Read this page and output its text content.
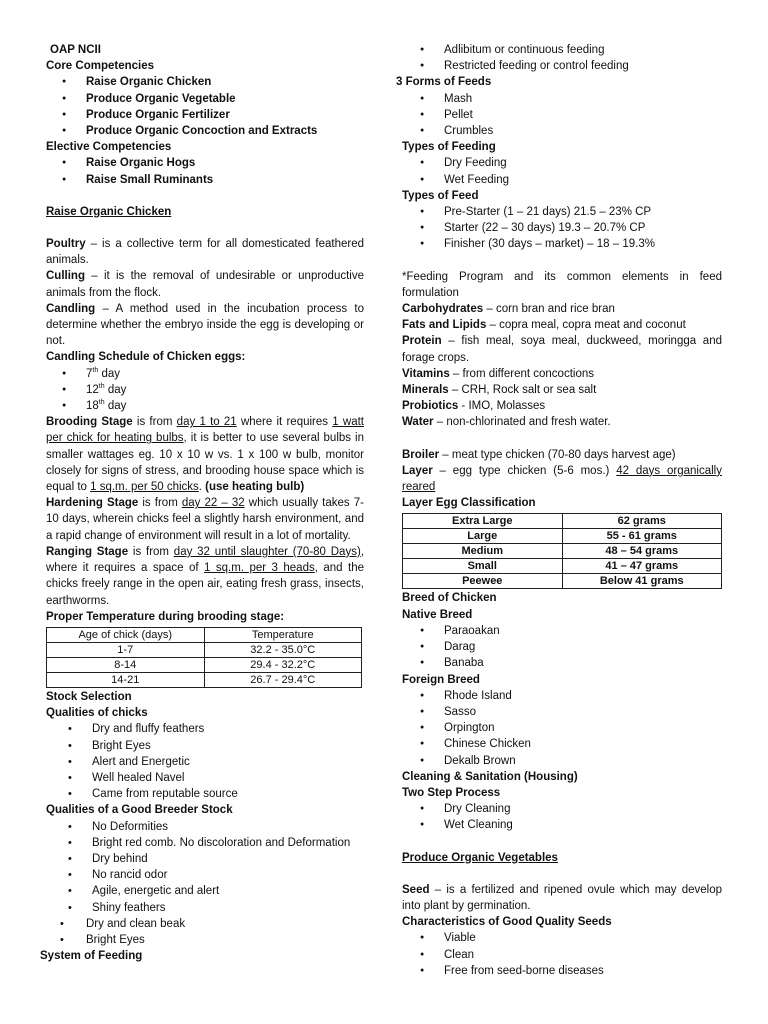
OAP NCII
Core Competencies
● Raise Organic Chicken
● Produce Organic Vegetable
● Produce Organic Fertilizer
● Produce Organic Concoction and Extracts
Elective Competencies
● Raise Organic Hogs
● Raise Small Ruminants
Raise Organic Chicken
Poultry – is a collective term for all domesticated feathered animals.
Culling – it is the removal of undesirable or unproductive animals from the flock.
Candling – A method used in the incubation process to determine whether the embryo inside the egg is developing or not.
Candling Schedule of Chicken eggs:
● 7th day
● 12th day
● 18th day
Brooding Stage is from day 1 to 21 where it requires 1 watt per chick for heating bulbs, it is better to use several bulbs in smaller wattages eg. 10 x 10 w vs. 1 x 100 w bulb, monitor closely for signs of stress, and brooding house space which is equal to 1 sq.m. per 50 chicks. (use heating bulb)
Hardening Stage is from day 22 – 32 which usually takes 7-10 days, wherein chicks feel a slightly harsh environment, and a rapid change of environment will result in a lot of mortality.
Ranging Stage is from day 32 until slaughter (70-80 Days), where it requires a space of 1 sq.m. per 3 heads, and the chicks freely range in the open air, eating fresh grass, insects, earthworms.
Proper Temperature during brooding stage:
Age of chick (days)	Temperature
1-7	32.2 - 35.0°C
8-14	29.4 - 32.2°C
14-21	26.7 - 29.4°C
Stock Selection
Qualities of chicks
• Dry and fluffy feathers
• Bright Eyes
• Alert and Energetic
• Well healed Navel
• Came from reputable source
Qualities of a Good Breeder Stock
• No Deformities
• Bright red comb. No discoloration and Deformation
• Dry behind
• No rancid odor
• Agile, energetic and alert
• Shiny feathers
• Dry and clean beak
• Bright Eyes
System of Feeding
● Adlibitum or continuous feeding
● Restricted feeding or control feeding
3 Forms of Feeds
● Mash
● Pellet
● Crumbles
Types of Feeding
● Dry Feeding
● Wet Feeding
Types of Feed
● Pre-Starter (1 – 21 days) 21.5 – 23% CP
● Starter (22 – 30 days) 19.3 – 20.7% CP
● Finisher (30 days – market) – 18 – 19.3%
*Feeding Program and its common elements in feed formulation
Carbohydrates – corn bran and rice bran
Fats and Lipids – copra meal, copra meat and coconut
Protein – fish meal, soya meal, duckweed, moringga and forage crops.
Vitamins – from different concoctions
Minerals – CRH, Rock salt or sea salt
Probiotics - IMO, Molasses
Water – non-chlorinated and fresh water.
Broiler – meat type chicken (70-80 days harvest age)
Layer – egg type chicken (5-6 mos.) 42 days organically reared
Layer Egg Classification
Extra Large	62 grams
Large	55 - 61 grams
Medium	48 – 54 grams
Small	41 – 47 grams
Peewee	Below 41 grams
Breed of Chicken
Native Breed
● Paraoakan
● Darag
● Banaba
Foreign Breed
● Rhode Island
● Sasso
● Orpington
● Chinese Chicken
● Dekalb Brown
Cleaning & Sanitation (Housing)
Two Step Process
● Dry Cleaning
● Wet Cleaning
Produce Organic Vegetables
Seed – is a fertilized and ripened ovule which may develop into plant by germination.
Characteristics of Good Quality Seeds
● Viable
● Clean
● Free from seed-borne diseases
